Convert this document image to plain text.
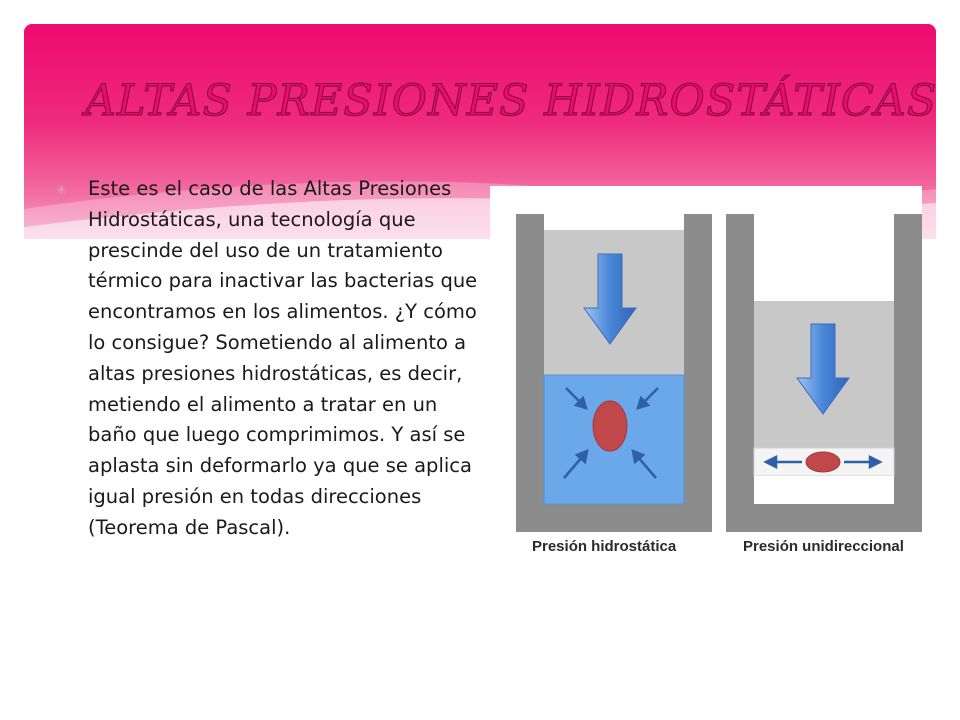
ALTAS PRESIONES HIDROSTÁTICAS
✳ Este es el caso de las Altas Presiones Hidrostáticas, una tecnología que prescinde del uso de un tratamiento térmico para inactivar las bacterias que encontramos en los alimentos. ¿Y cómo lo consigue? Sometiendo al alimento a altas presiones hidrostáticas, es decir, metiendo el alimento a tratar en un baño que luego comprimimos. Y así se aplasta sin deformarlo ya que se aplica igual presión en todas direcciones (Teorema de Pascal).

Presión hidrostática	Presión unidireccional
